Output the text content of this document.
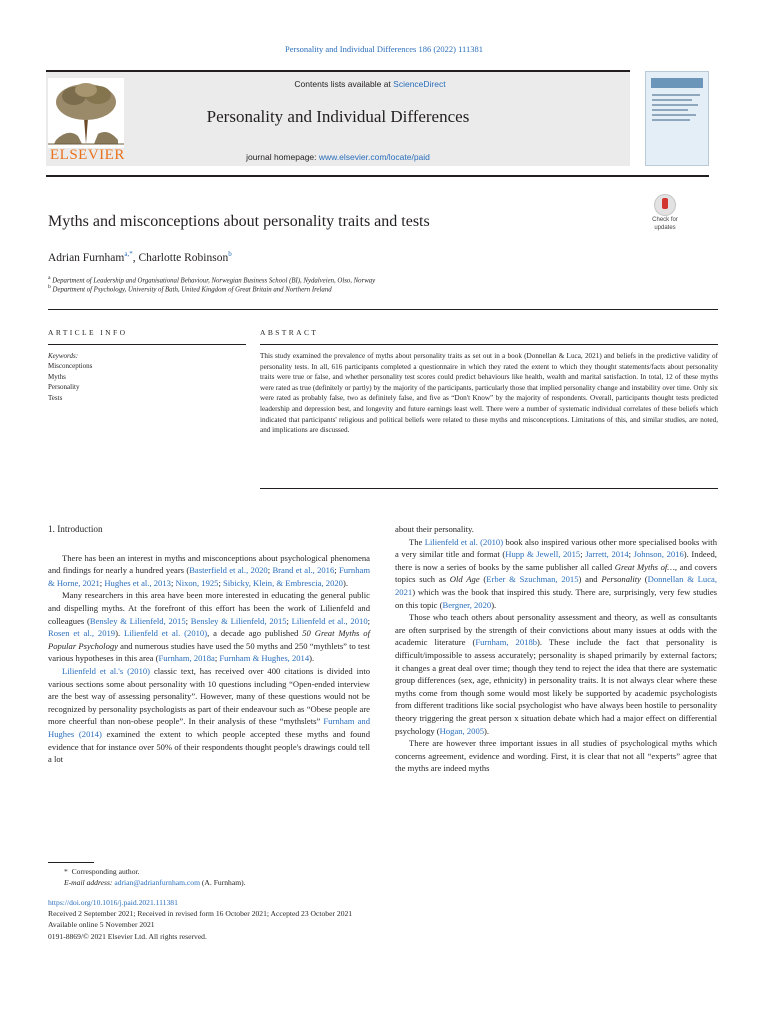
Personality and Individual Differences 186 (2022) 111381
ELSEVIER
Contents lists available at ScienceDirect
Personality and Individual Differences
journal homepage: www.elsevier.com/locate/paid
Myths and misconceptions about personality traits and tests	Check for
updates
Adrian Furnham$^{a,*}$, Charlotte Robinson$^b$
$^a$ Department of Leadership and Organisational Behaviour, Norwegian Business School (BI), Nydalveien, Olso, Norway
$^b$ Department of Psychology, University of Bath, United Kingdom of Great Britain and Northern Ireland
ARTICLE INFO	ABSTRACT
Keywords:
Misconceptions
Myths
Personality
Tests
This study examined the prevalence of myths about personality traits as set out in a book (Donnellan & Luca, 2021) and beliefs in the predictive validity of personality tests. In all, 616 participants completed a questionnaire in which they rated the extent to which they thought statements/facts about personality traits were true or false, and whether personality test scores could predict behaviours like health, wealth and marital satisfaction. In total, 12 of these myths were rated as true (definitely or partly) by the majority of the participants, particularly those that implied personality change and instability over time. Only six were rated as probably false, two as definitely false, and five as “Don't Know” by the majority of respondents. Overall, participants thought tests predicted leadership and depression best, and longevity and future earnings least well. There were a number of systematic individual correlates of these beliefs which indicated that participants' religious and political beliefs were related to these myths and misconceptions. Limitations of this, and similar studies, are noted, and implications are discussed.
1. Introduction

There has been an interest in myths and misconceptions about psychological phenomena and findings for nearly a hundred years (Basterfield et al., 2020; Brand et al., 2016; Furnham & Horne, 2021; Hughes et al., 2013; Nixon, 1925; Sibicky, Klein, & Embrescia, 2020).

Many researchers in this area have been more interested in educating the general public and dispelling myths. At the forefront of this effort has been the work of Lilienfeld and colleagues (Bensley & Lilienfeld, 2015; Bensley & Lilienfeld, 2015; Lilienfeld et al., 2010; Rosen et al., 2019). Lilienfeld et al. (2010), a decade ago published 50 Great Myths of Popular Psychology and numerous studies have used the 50 myths and 250 “mythlets” to test various hypotheses in this area (Furnham, 2018a; Furnham & Hughes, 2014).

Lilienfeld et al.'s (2010) classic text, has received over 400 citations is divided into various sections some about personality with 10 questions including “Open-ended interview are the best way of assessing personality”. However, many of these questions would not be recognized by personality psychologists as part of their endeavour such as “Obese people are more cheerful than non-obese people”. In their analysis of these “mythslets” Furnham and Hughes (2014) examined the extent to which people accepted these myths and found evidence that for instance over 50% of their respondents thought people's drawings could tell a lot

about their personality.

The Lilienfeld et al. (2010) book also inspired various other more specialised books with a very similar title and format (Hupp & Jewell, 2015; Jarrett, 2014; Johnson, 2016). Indeed, there is now a series of books by the same publisher all called Great Myths of…, and covers topics such as Old Age (Erber & Szuchman, 2015) and Personality (Donnellan & Luca, 2021) which was the book that inspired this study. There are, surprisingly, very few studies on this topic (Bergner, 2020).

Those who teach others about personality assessment and theory, as well as consultants are often surprised by the strength of their convictions about many issues at odds with the academic literature (Furnham, 2018b). These include the fact that personality is difficult/impossible to assess accurately; personality is shaped primarily by external factors; it changes a great deal over time; though they tend to reject the idea that there are systematic group differences (sex, age, ethnicity) in personality traits. It is not always clear where these myths come from though some would most likely be supported by academic psychologists from different traditions like social psychologist who have always been hostile to personality theory triggering the great person x situation debate which had a major effect on differential psychology (Hogan, 2005).

There are however three important issues in all studies of psychological myths which concerns agreement, evidence and wording. First, it is clear that not all “experts” agree that the myths are indeed myths

*  Corresponding author.
E-mail address: adrian@adrianfurnham.com (A. Furnham).
https://doi.org/10.1016/j.paid.2021.111381
Received 2 September 2021; Received in revised form 16 October 2021; Accepted 23 October 2021
Available online 5 November 2021
0191-8869/© 2021 Elsevier Ltd. All rights reserved.
